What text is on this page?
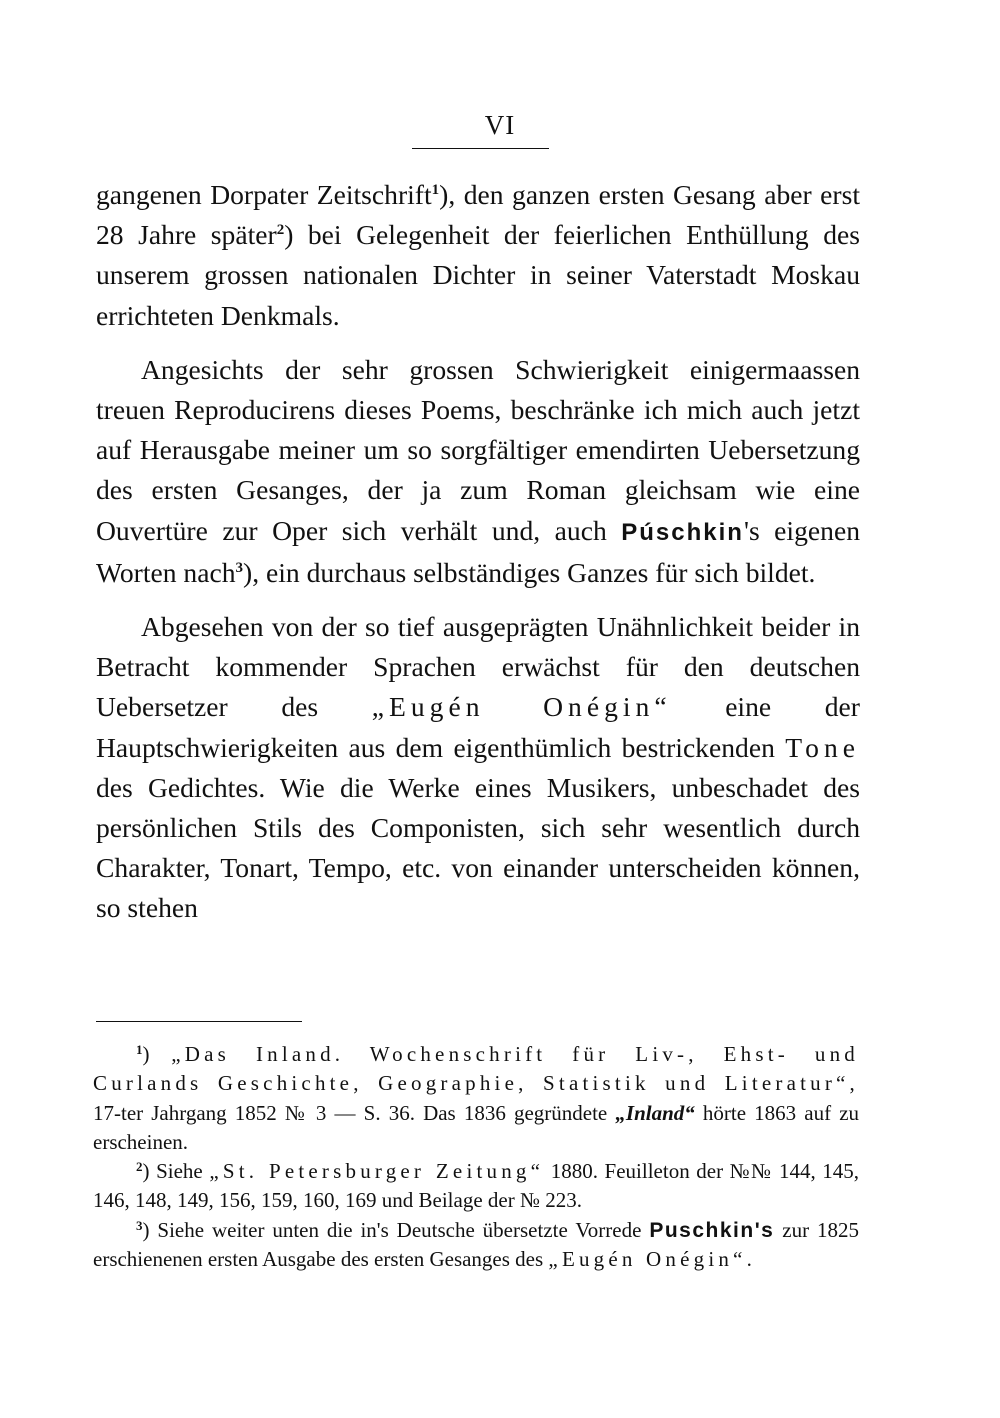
VI

gangenen Dorpater Zeitschrift$^1$), den ganzen ersten Gesang aber erst 28 Jahre später$^2$) bei Gelegenheit der feierlichen Enthüllung des unserem grossen nationalen Dichter in seiner Vaterstadt Moskau errichteten Denkmals.

Angesichts der sehr grossen Schwierigkeit einigermaassen treuen Reproducirens dieses Poems, beschränke ich mich auch jetzt auf Herausgabe meiner um so sorgfältiger emendirten Uebersetzung des ersten Gesanges, der ja zum Roman gleichsam wie eine Ouvertüre zur Oper sich verhält und, auch Púschkin's eigenen Worten nach$^3$), ein durchaus selbständiges Ganzes für sich bildet.

Abgesehen von der so tief ausgeprägten Unähnlichkeit beider in Betracht kommender Sprachen erwächst für den deutschen Uebersetzer des „Eugén Onégin“ eine der Hauptschwierigkeiten aus dem eigenthümlich bestrickenden Tone des Gedichtes. Wie die Werke eines Musikers, unbeschadet des persönlichen Stils des Componisten, sich sehr wesentlich durch Charakter, Tonart, Tempo, etc. von einander unterscheiden können, so stehen

$^1$) „Das Inland. Wochenschrift für Liv-, Ehst- und Curlands Geschichte, Geographie, Statistik und Literatur“, 17-ter Jahrgang 1852 № 3 — S. 36. Das 1836 gegründete „Inland“ hörte 1863 auf zu erscheinen.

$^2$) Siehe „St. Petersburger Zeitung“ 1880. Feuilleton der №№ 144, 145, 146, 148, 149, 156, 159, 160, 169 und Beilage der № 223.

$^3$) Siehe weiter unten die in's Deutsche übersetzte Vorrede Puschkin's zur 1825 erschienenen ersten Ausgabe des ersten Gesanges des „Eugén Onégin“.
